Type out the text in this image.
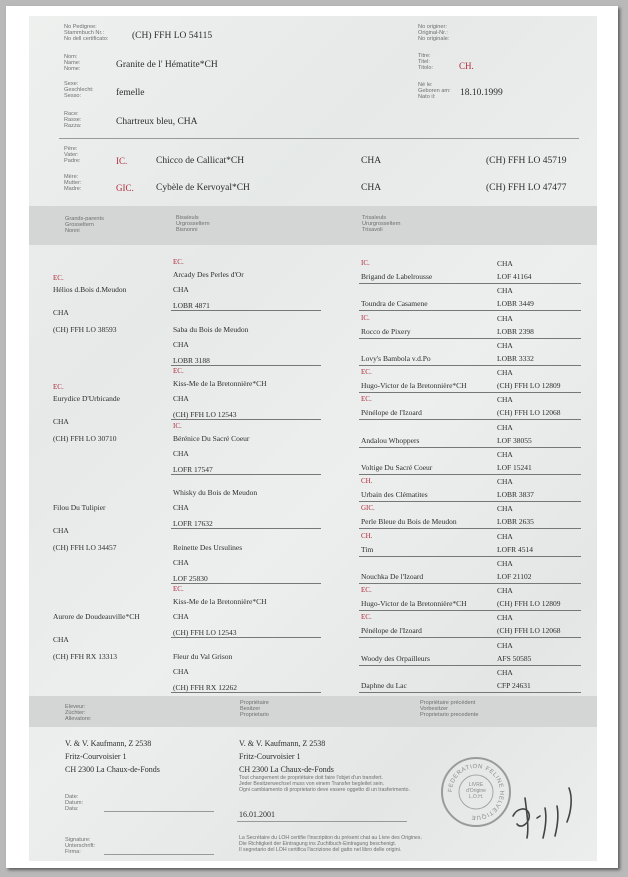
No Pedigree:
Stammbuch Nr.:
No dell certificato: (CH) FFH LO 54115
Nom:
Name:
Nome:	Granite de l' Hématite*CH
Sexe:
Geschlecht:
Sesso:	femelle
Race:
Rasse:
Razza:	Chartreux bleu, CHA
No originer:
Original-Nr.:
No originale:
Titre:
Titel:
Titolo:	CH.
Né le:
Geboren am:
Nato il:	18.10.1999
Père:
Vater:
Padre:	IC.	Chicco de Callicat*CH	CHA	(CH) FFH LO 45719
Mère:
Mutter:
Madre:	GIC. Cybèle de Kervoyal*CH	CHA	(CH) FFH LO 47477
Grands-parents
Grosseltern
Nonni
Bisaïeuls
Urgrosseltern
Bisnonni
Trisaïeuls
Ururgrosseltern
Trisavoli
EC.
Hélios d.Bois d.Meudon
CHA
(CH) FFH LO 38593
EC.
Eurydice D'Urbicande
CHA
(CH) FFH LO 30710
Filou Du Tulipier
CHA
(CH) FFH LO 34457
Aurore de Doudeauville*CH
CHA
(CH) FFH RX 13313
EC.
Arcady Des Perles d'Or
CHA
LOBR 4871
Saba du Bois de Meudon
CHA
LOBR 3188
EC.
Kiss-Me de la Bretonnière*CH
CHA
(CH) FFH LO 12543
IC.
Bérénice Du Sacré Coeur
CHA
LOFR 17547
Whisky du Bois de Meudon
CHA
LOFR 17632
Reinette Des Ursulines
CHA
LOF 25830
EC.
Kiss-Me de la Bretonnière*CH
CHA
(CH) FFH LO 12543
Fleur du Val Grison
CHA
(CH) FFH RX 12262
IC.
Brigand de Labelrousse
CHA
LOF 41164
Toundra de Casamene
CHA
LOBR 3449
IC.
Rocco de Pixery
CHA
LOBR 2398
Lovy's Bambola v.d.Po
CHA
LOBR 3332
EC.
Hugo-Victor de la Bretonnière*CH
CHA
(CH) FFH LO 12809
EC.
Pénélope de l'Izoard
CHA
(CH) FFH LO 12068
Andalou Whoppers
CHA
LOF 38055
Voltige Du Sacré Coeur
CHA
LOF 15241
CH.
Urbain des Clématites
CHA
LOBR 3837
GIC.
Perle Bleue du Bois de Meudon
CHA
LOBR 2635
CH.
Tim
CHA
LOFR 4514
Nouchka De l'Izoard
CHA
LOF 21102
EC.
Hugo-Victor de la Bretonnière*CH
CHA
(CH) FFH LO 12809
EC.
Pénélope de l'Izoard
CHA
(CH) FFH LO 12068
Woody des Orpailleurs
CHA
AFS 50585
Daphne du Lac
CHA
CFP 24631
Eleveur:
Züchter:
Allevatore:
Propriétaire
Besitzer
Proprietario
Propriétaire précédent
Vorbesitzer
Proprietario precedente
V. & V. Kaufmann, Z 2538
Fritz-Courvoisier 1
CH 2300 La Chaux-de-Fonds
V. & V. Kaufmann, Z 2538
Fritz-Courvoisier 1
CH 2300 La Chaux-de-Fonds
Tout changement de propriétaire doit faire l'objet d'un transfert.
Jeder Besitzerwechsel muss von einem Transfer begleitet sein.
Ogni cambiamento di proprietario deve essere oggetto di un trasferimento.
Date:
Datum:
Data:
16.01.2001
Signature:
Unterschrift:
Firma:
La Secrétaire du LOH certifie l'inscription du présent chat au Livre des Origines.
Die Richtigkeit der Eintragung ins Zuchtbuch-Eintragung beschenigt.
Il segretario del LOH certifica l'iscrizione del gatto nel libro delle origini.
FEDERATION FELINE HELVETIQUE
LIVRE
d'Origine
L.O.H.
